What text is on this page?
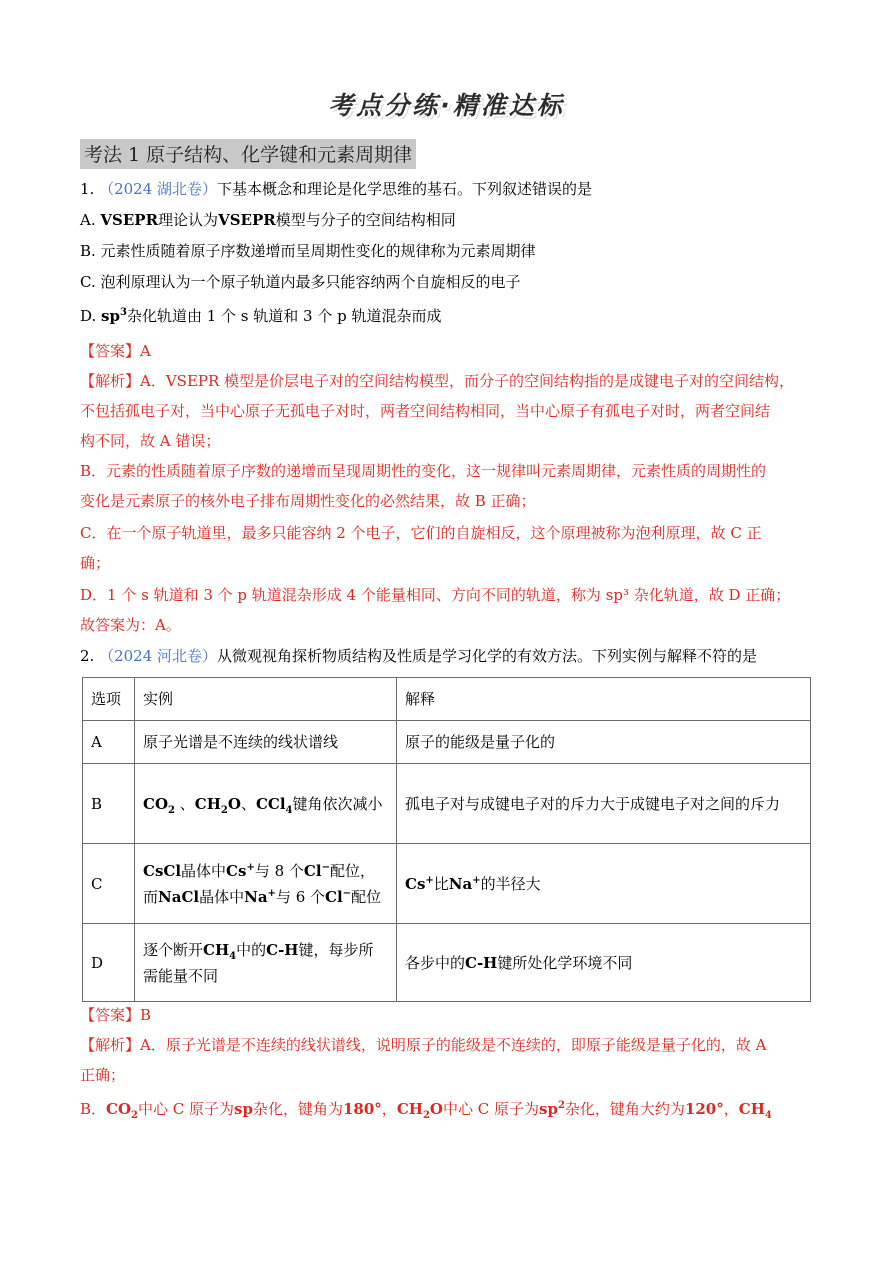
考点分练·精准达标
考法 1 原子结构、化学键和元素周期律
1. （2024 湖北卷）下基本概念和理论是化学思维的基石。下列叙述错误的是
A. VSEPR理论认为VSEPR模型与分子的空间结构相同
B. 元素性质随着原子序数递增而呈周期性变化的规律称为元素周期律
C. 泡利原理认为一个原子轨道内最多只能容纳两个自旋相反的电子
D. $sp^3$杂化轨道由 1 个 s 轨道和 3 个 p 轨道混杂而成
【答案】A
【解析】A．VSEPR 模型是价层电子对的空间结构模型，而分子的空间结构指的是成键电子对的空间结构，
不包括孤电子对，当中心原子无孤电子对时，两者空间结构相同，当中心原子有孤电子对时，两者空间结
构不同，故 A 错误；
B．元素的性质随着原子序数的递增而呈现周期性的变化，这一规律叫元素周期律，元素性质的周期性的
变化是元素原子的核外电子排布周期性变化的必然结果，故 B 正确；
C．在一个原子轨道里，最多只能容纳 2 个电子，它们的自旋相反，这个原理被称为泡利原理，故 C 正
确；
D．1 个 s 轨道和 3 个 p 轨道混杂形成 4 个能量相同、方向不同的轨道，称为 sp³ 杂化轨道，故 D 正确；
故答案为：A。
2. （2024 河北卷）从微观视角探析物质结构及性质是学习化学的有效方法。下列实例与解释不符的是
选项	实例	解释
A	原子光谱是不连续的线状谱线	原子的能级是量子化的
B	$CO_2$ 、$CH_2O$、CCl$_4$键角依次减小	孤电子对与成键电子对的斥力大于成键电子对之间的斥力
C	CsCl晶体中Cs+与 8 个Cl−配位，
而NaCl晶体中Na+与 6 个Cl−配位	Cs+比Na+的半径大
D	逐个断开$CH_4$中的C-H键，每步所需能量不同	各步中的C-H键所处化学环境不同
【答案】B
【解析】A．原子光谱是不连续的线状谱线，说明原子的能级是不连续的，即原子能级是量子化的，故 A
正确；
B．$CO_2$中心 C 原子为sp杂化，键角为180°，$CH_2O$中心 C 原子为$sp^2$杂化，键角大约为120°，$CH_4$
